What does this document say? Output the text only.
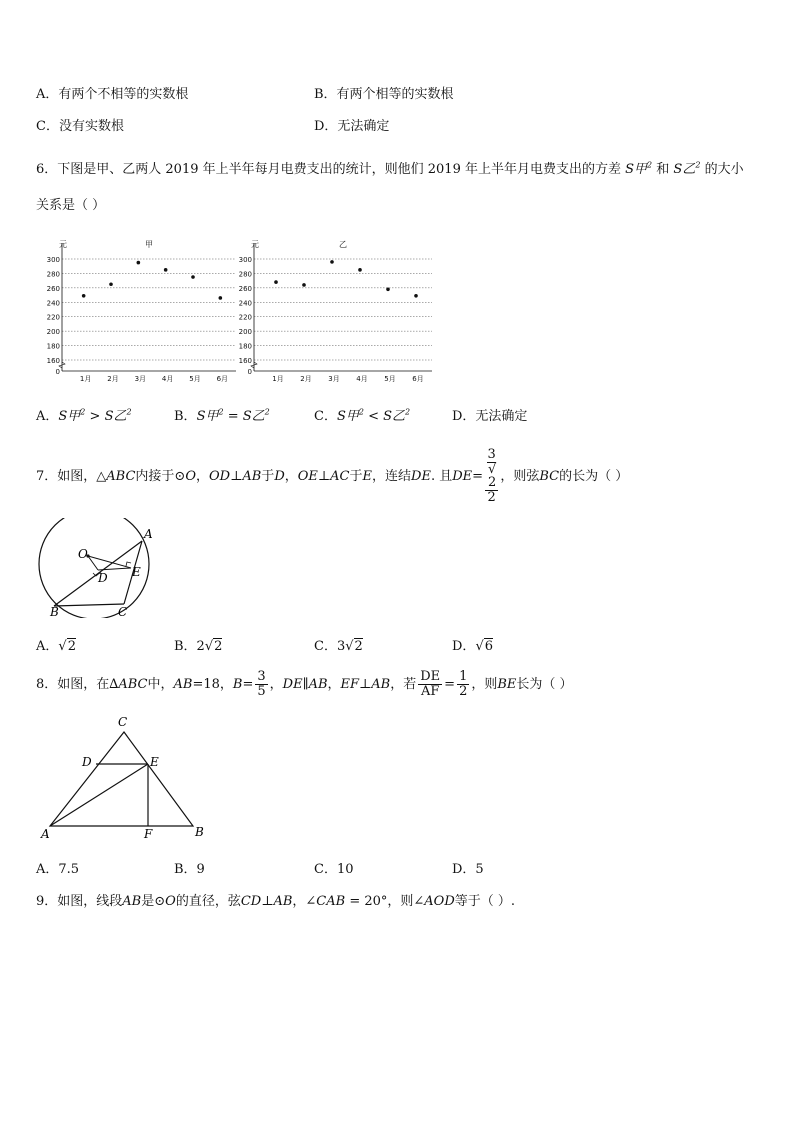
A．有两个不相等的实数根	B．有两个相等的实数根
C．没有实数根	D．无法确定
6．下图是甲、乙两人 2019 年上半年每月电费支出的统计，则他们 2019 年上半年月电费支出的方差 S甲$^2$ 和 S乙$^2$ 的大小
关系是（ ）
0
160
180
200
220
240
260
280
300
元	甲
1月 2月 3月 4月 5月 6月
0
160
180
200
220
240
260
280
300
元	乙
1月 2月 3月 4月 5月 6月
A．S甲$^2$ > S乙$^2$	B．S甲$^2$ = S乙$^2$	C．S甲$^2$ < S乙$^2$	D．无法确定
7．如图，△ABC内接于⊙O，OD⊥AB于D，OE⊥AC于E，连结DE. 且DE= 3
√
2
2 ，则弦BC的长为（ ）
A
B	C
D E
O
A．√2	B．2√2	C．3√2	D．√6
8．如图，在∆ABC中，AB=18，$B= \frac{3}{5}$ ，DE∥AB，EF⊥AB，若 $\frac{DE}{AF} = \frac{1}{2}$ ，则BE长为（ ）
C
D	E
A	F	B
A．7.5	B．9	C．10	D．5
9．如图，线段AB是⊙O的直径，弦CD⊥AB，∠CAB = 20°，则∠AOD等于（ ）.
